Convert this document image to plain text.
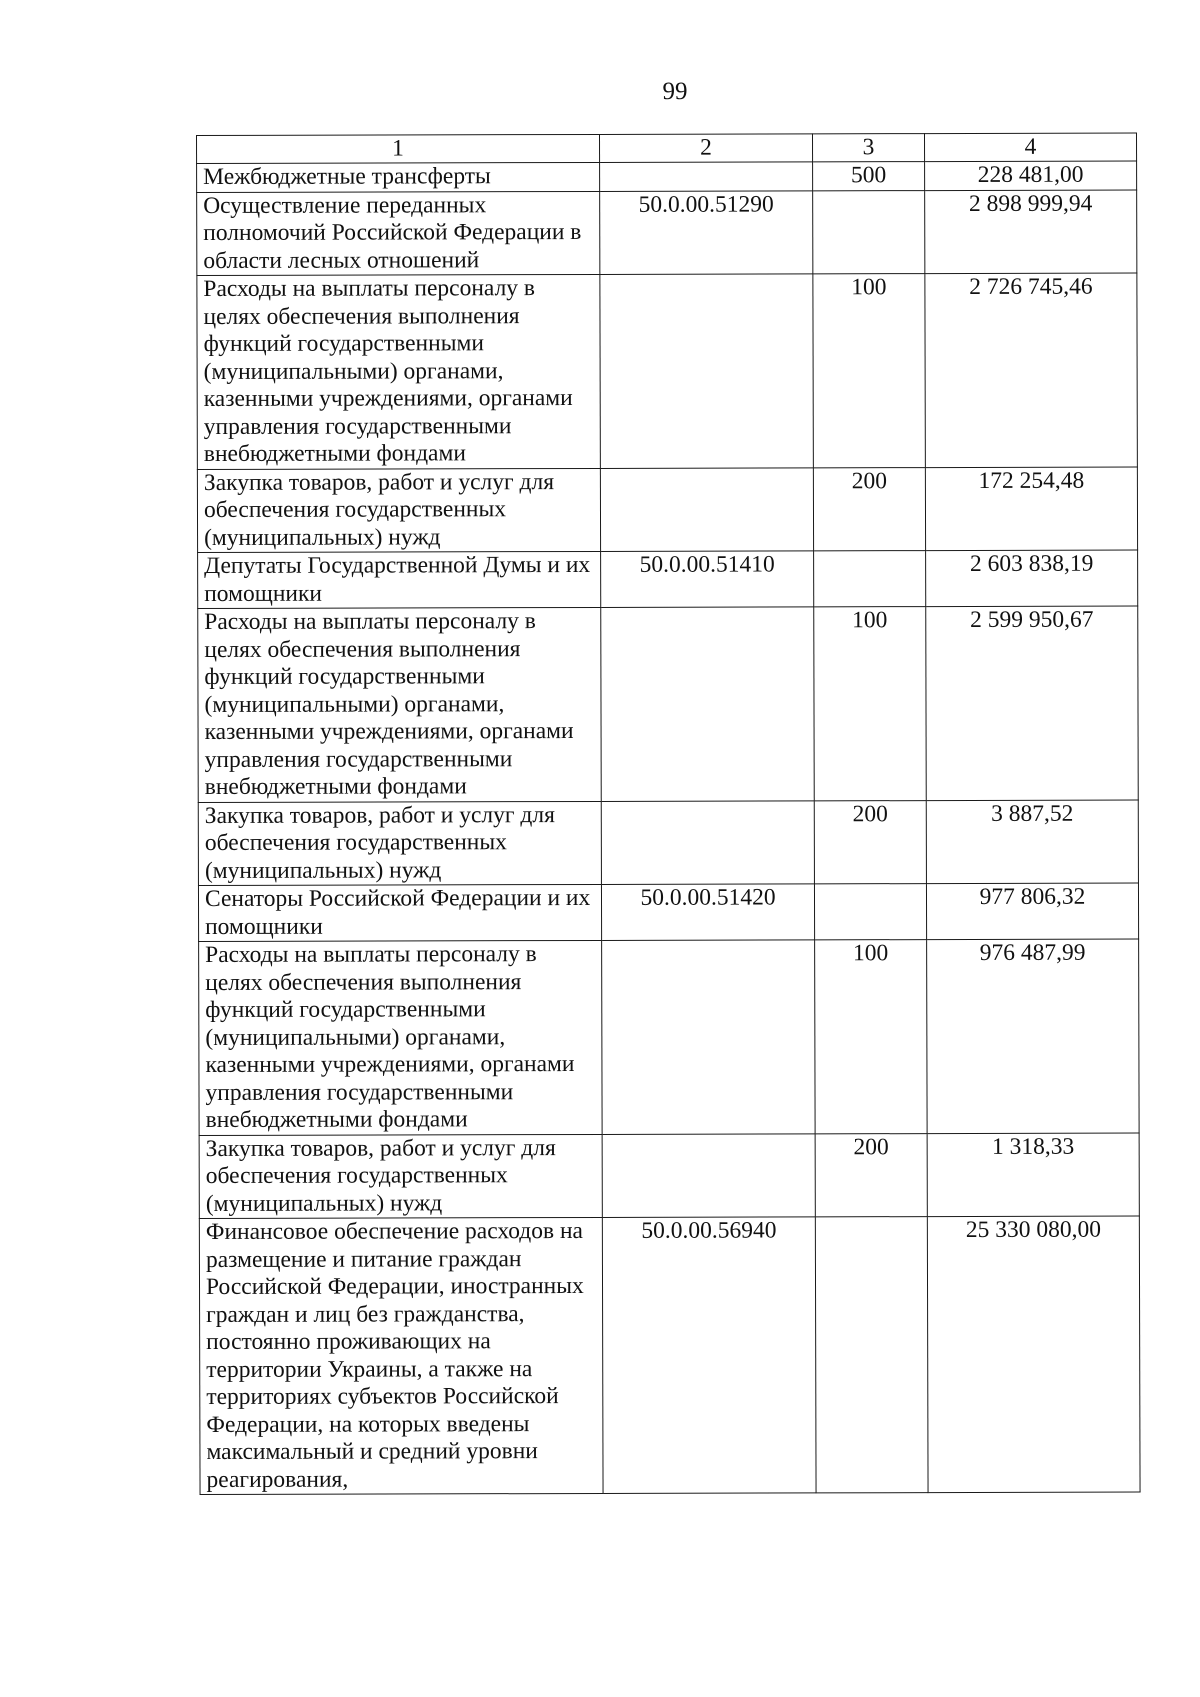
99
1	2	3	4
Межбюджетные трансферты		500	228 481,00
Осуществление переданных полномочий Российской Федерации в области лесных отношений	50.0.00.51290		2 898 999,94
Расходы на выплаты персоналу в целях обеспечения выполнения функций государственными (муниципальными) органами, казенными учреждениями, органами управления государственными внебюджетными фондами		100	2 726 745,46
Закупка товаров, работ и услуг для обеспечения государственных (муниципальных) нужд		200	172 254,48
Депутаты Государственной Думы и их помощники	50.0.00.51410		2 603 838,19
Расходы на выплаты персоналу в целях обеспечения выполнения функций государственными (муниципальными) органами, казенными учреждениями, органами управления государственными внебюджетными фондами		100	2 599 950,67
Закупка товаров, работ и услуг для обеспечения государственных (муниципальных) нужд		200	3 887,52
Сенаторы Российской Федерации и их помощники	50.0.00.51420		977 806,32
Расходы на выплаты персоналу в целях обеспечения выполнения функций государственными (муниципальными) органами, казенными учреждениями, органами управления государственными внебюджетными фондами		100	976 487,99
Закупка товаров, работ и услуг для обеспечения государственных (муниципальных) нужд		200	1 318,33
Финансовое обеспечение расходов на размещение и питание граждан Российской Федерации, иностранных граждан и лиц без гражданства, постоянно проживающих на территории Украины, а также на территориях субъектов Российской Федерации, на которых введены максимальный и средний уровни реагирования,	50.0.00.56940		25 330 080,00
